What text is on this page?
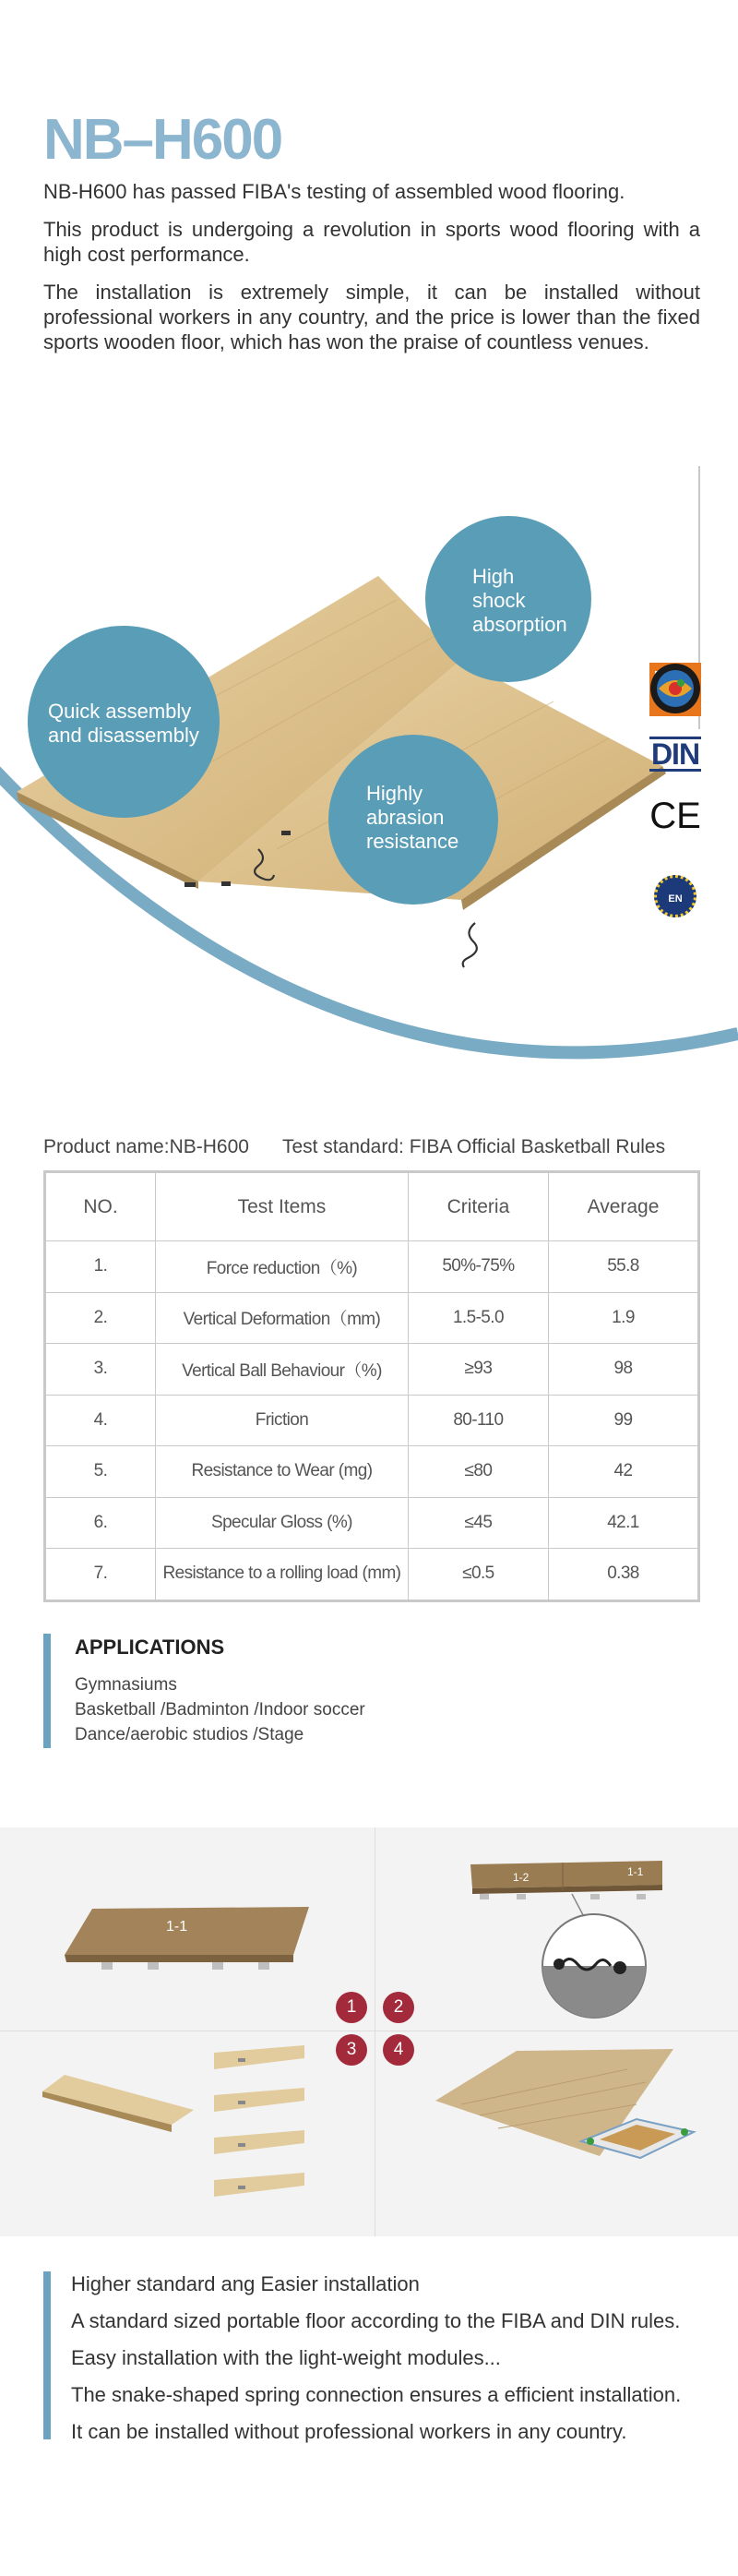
NB–H600

NB-H600 has passed FIBA's testing of assembled wood flooring.

This product is undergoing a revolution in sports wood flooring with a high cost performance.

The installation is extremely simple, it can be installed without professional workers in any country, and the price is lower than the fixed sports wooden floor, which has won the praise of countless venues.

Quick assembly
and disassembly
High
shock
absorption
Highly
abrasion
resistance
DIN
CE
EN
Product name:NB-H600 Test standard: FIBA Official Basketball Rules
NO.	Test Items	Criteria	Average
1.	Force reduction（%)	50%-75%	55.8
2.	Vertical Deformation（mm)	1.5-5.0	1.9
3.	Vertical Ball Behaviour（%)	≥93	98
4.	Friction	80-110	99
5.	Resistance to Wear (mg)	≤80	42
6.	Specular Gloss (%)	≤45	42.1
7.	Resistance to a rolling load (mm)	≤0.5	0.38
APPLICATIONS
Gymnasiums
Basketball /Badminton /Indoor soccer
Dance/aerobic studios /Stage
1-1
1-2	1-1
1	2
3	4
Higher standard ang Easier installation
A standard sized portable floor according to the FIBA and DIN rules.
Easy installation with the light-weight modules...
The snake-shaped spring connection ensures a efficient installation.
It can be installed without professional workers in any country.
